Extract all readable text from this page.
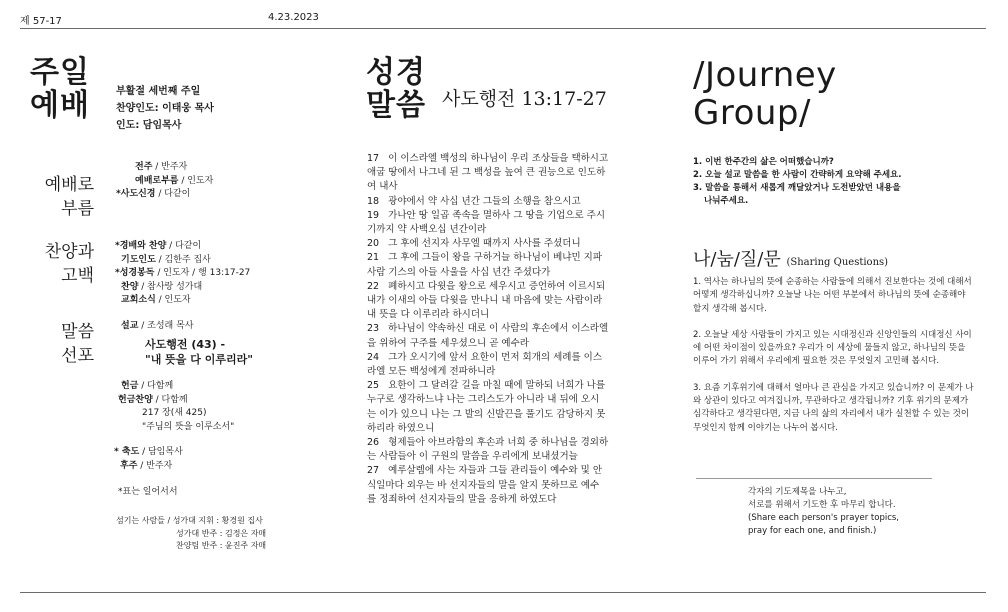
제 57-17	4.23.2023
주일
예배	부활절 세번째 주일
찬양인도: 이태웅 목사
인도: 담임목사
예배로
부름
전주 / 반주자
예배로부름 / 인도자
*사도신경 / 다같이
찬양과
고백
*경배와 찬양 / 다같이
기도인도 / 김한주 집사
*성경봉독 / 인도자 / 행 13:17-27
찬양 / 참사랑 성가대
교회소식 / 인도자
말씀
선포
설교 / 조성래 목사
사도행전 (43) -
"내 뜻을 다 이루리라"
헌금 / 다함께
헌금찬양 / 다함께
217 장(새 425)
"주님의 뜻을 이루소서"
* 축도 / 담임목사
후주 / 반주자
*표는 일어서서
섬기는 사람들 / 성가대 지휘 : 황경원 집사
성가대 반주 : 김정은 자매
찬양팀 반주 : 윤진주 자매
성경
말씀 사도행전 13:17-27
17   이 이스라엘 백성의 하나님이 우리 조상들을 택하시고
애굽 땅에서 나그네 된 그 백성을 높여 큰 권능으로 인도하
여 내사
18   광야에서 약 사십 년간 그들의 소행을 참으시고
19   가나안 땅 일곱 족속을 멸하사 그 땅을 기업으로 주시
기까지 약 사백오십 년간이라
20   그 후에 선지자 사무엘 때까지 사사를 주셨더니
21   그 후에 그들이 왕을 구하거늘 하나님이 베냐민 지파
사람 기스의 아들 사울을 사십 년간 주셨다가
22   폐하시고 다윗을 왕으로 세우시고 증언하여 이르시되
내가 이새의 아들 다윗을 만나니 내 마음에 맞는 사람이라
내 뜻을 다 이루리라 하시더니
23   하나님이 약속하신 대로 이 사람의 후손에서 이스라엘
을 위하여 구주를 세우셨으니 곧 예수라
24   그가 오시기에 앞서 요한이 먼저 회개의 세례를 이스
라엘 모든 백성에게 전파하니라
25   요한이 그 달려갈 길을 마칠 때에 말하되 너희가 나를
누구로 생각하느냐 나는 그리스도가 아니라 내 뒤에 오시
는 이가 있으니 나는 그 발의 신발끈을 풀기도 감당하지 못
하리라 하였으니
26   형제들아 아브라함의 후손과 너희 중 하나님을 경외하
는 사람들아 이 구원의 말씀을 우리에게 보내셨거늘
27   예루살렘에 사는 자들과 그들 관리들이 예수와 및 안
식일마다 외우는 바 선지자들의 말을 알지 못하므로 예수
를 정죄하여 선지자들의 말을 응하게 하였도다
/Journey
Group/
1. 이번 한주간의 삶은 어떠했습니까?
2. 오늘 설교 말씀을 한 사람이 간략하게 요약해 주세요.
3. 말씀을 통해서 새롭게 깨달았거나 도전받았던 내용을
나눠주세요.
나/눔/질/문 (Sharing Questions)

1. 역사는 하나님의 뜻에 순종하는 사람들에 의해서 진보한다는 것에 대해서 어떻게 생각하십니까? 오늘날 나는 어떤 부분에서 하나님의 뜻에 순종해야 할지 생각해 봅시다.

2. 오늘날 세상 사람들이 가지고 있는 시대정신과 신앙인들의 시대정신 사이에 어떤 차이점이 있을까요? 우리가 이 세상에 물들지 않고, 하나님의 뜻을 이루어 가기 위해서 우리에게 필요한 것은 무엇일지 고민해 봅시다.

3. 요즘 기후위기에 대해서 얼마나 큰 관심을 가지고 있습니까? 이 문제가 나와 상관이 있다고 여겨집니까, 무관하다고 생각됩니까? 기후 위기의 문제가 심각하다고 생각된다면, 지금 나의 삶의 자리에서 내가 실천할 수 있는 것이 무엇인지 함께 이야기는 나누어 봅시다.

각자의 기도제목을 나누고,
서로를 위해서 기도한 후 마무리 합니다.
(Share each person's prayer topics,
pray for each one, and finish.)
